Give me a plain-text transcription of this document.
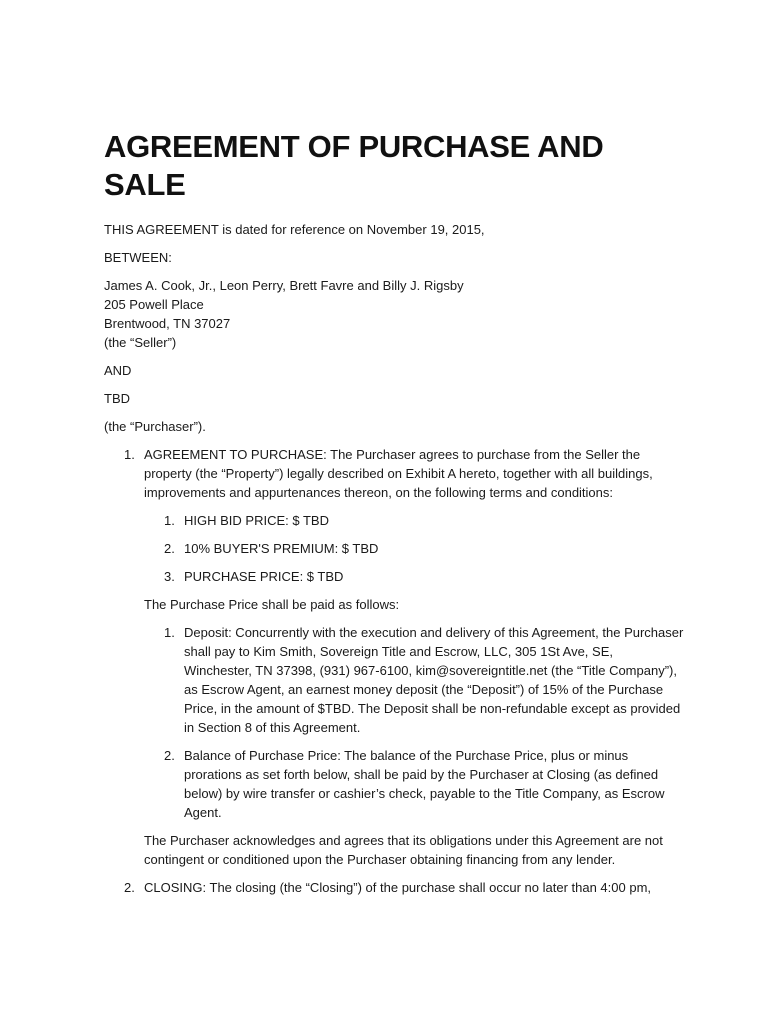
AGREEMENT OF PURCHASE AND SALE

THIS AGREEMENT is dated for reference on November 19, 2015,

BETWEEN:

James A. Cook, Jr., Leon Perry, Brett Favre and Billy J. Rigsby
205 Powell Place
Brentwood, TN 37027
(the “Seller”)

AND

TBD

(the “Purchaser”).

1. AGREEMENT TO PURCHASE: The Purchaser agrees to purchase from the Seller the property (the “Property”) legally described on Exhibit A hereto, together with all buildings, improvements and appurtenances thereon, on the following terms and conditions:
1. HIGH BID PRICE: $ TBD
2. 10% BUYER'S PREMIUM: $ TBD
3. PURCHASE PRICE: $ TBD

The Purchase Price shall be paid as follows:

1. Deposit: Concurrently with the execution and delivery of this Agreement, the Purchaser shall pay to Kim Smith, Sovereign Title and Escrow, LLC, 305 1St Ave, SE, Winchester, TN 37398, (931) 967-6100, kim@sovereigntitle.net (the “Title Company”), as Escrow Agent, an earnest money deposit (the “Deposit”) of 15% of the Purchase Price, in the amount of $TBD. The Deposit shall be non-refundable except as provided in Section 8 of this Agreement.
2. Balance of Purchase Price: The balance of the Purchase Price, plus or minus prorations as set forth below, shall be paid by the Purchaser at Closing (as defined below) by wire transfer or cashier’s check, payable to the Title Company, as Escrow Agent.

The Purchaser acknowledges and agrees that its obligations under this Agreement are not contingent or conditioned upon the Purchaser obtaining financing from any lender.

2. CLOSING: The closing (the “Closing”) of the purchase shall occur no later than 4:00 pm,
